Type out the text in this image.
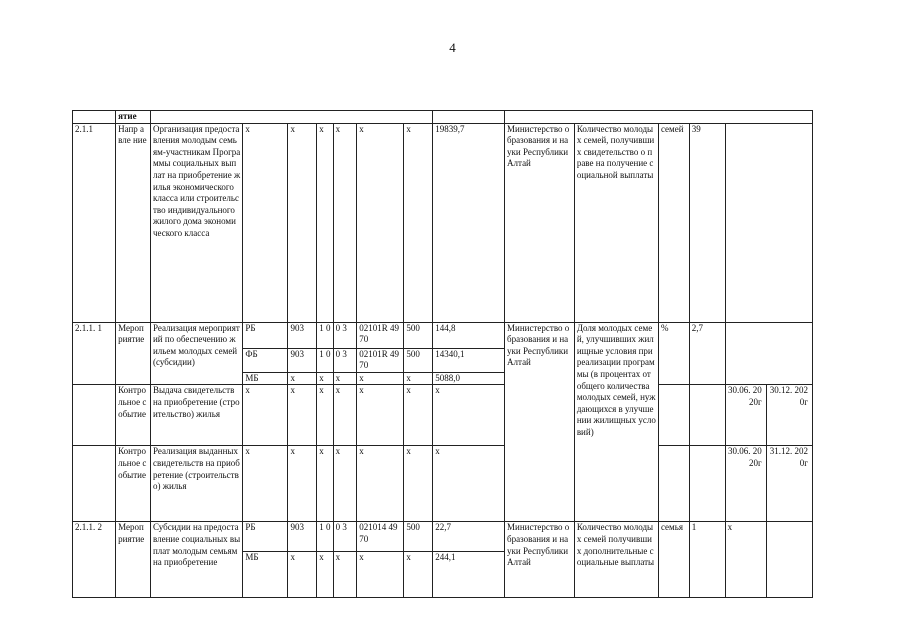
4
	ятие														
2.1.1	Напр авле ние	Организация предоставления молодым семьям-участникам Программы социальных выплат на приобретение жилья экономического класса или строительство индивидуального жилого дома экономического класса	х	х	х	х	х	х	19839,7	Министерство образования и науки Республики Алтай	Количество молодых семей, получивших свидетельство о праве на получение социальной выплаты	семей	39		
2.1.1. 1	Мероприятие	Реализация мероприятий по обеспечению жильем молодых семей (субсидии)	РБ	903	1 0	0 3	02101R 4970	500	144,8	Министерство образования и науки Республики Алтай	Доля молодых семей, улучшивших жилищные условия при реализации программы (в процентах от общего количества молодых семей, нуждающихся в улучшении жилищных условий)	%	2,7		
			ФБ	903	1 0	0 3	02101R 4970	500	14340,1						
			МБ	х	х	х	х	х	5088,0						
	Контрольное событие	Выдача свидетельств на приобретение (строительство) жилья	х	х	х	х	х	х	х					30.06. 2020г	30.12. 2020г
	Контрольное событие	Реализация выданных свидетельств на приобретение (строительство) жилья	х	х	х	х	х	х	х					30.06. 2020г	31.12. 2020г
2.1.1. 2	Мероприятие	Субсидии на предоставление социальных выплат молодым семьям на приобретение	РБ	903	1 0	0 3	021014 4970	500	22,7	Министерство образования и науки Республики Алтай	Количество молодых семей получивших дополнительные социальные выплаты	семья	1	х	
			МБ	х	х	х	х	х	244,1						
